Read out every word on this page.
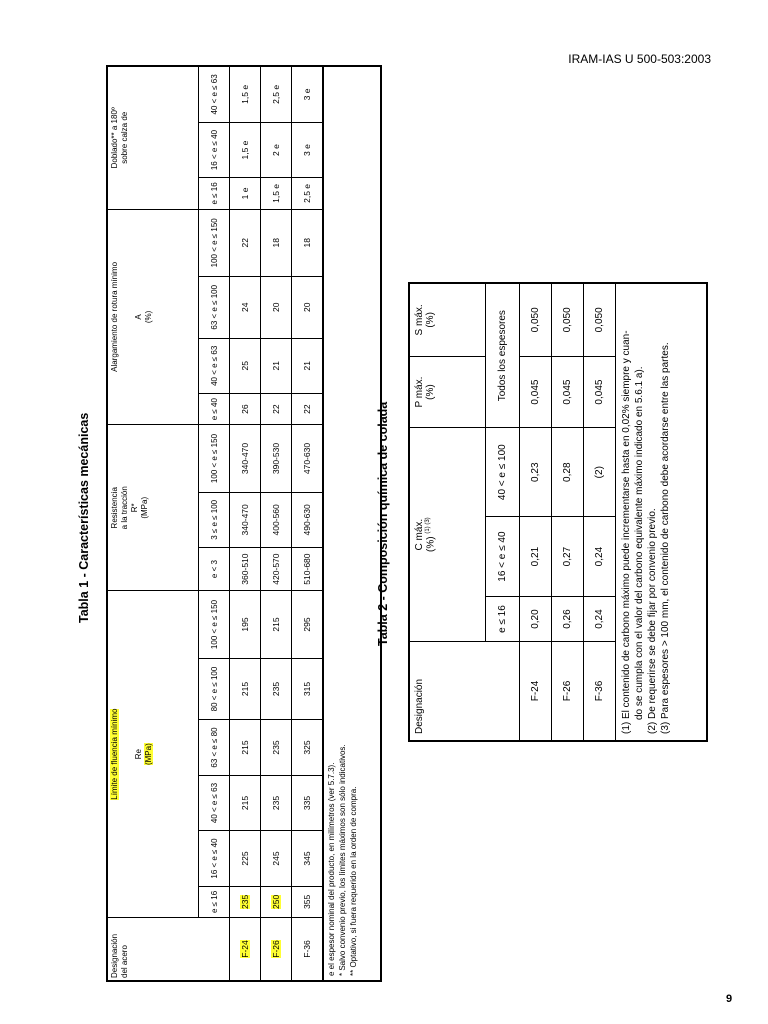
IRAM-IAS U 500-503:2003
Tabla 1 - Características mecánicas
Designación del acero	Límite de fluencia mínimo Re (MPa)						Resistencia a la tracción R* (MPa)			Alargamiento de rotura mínimo A (%)				Doblado** a 180º sobre calza de		

	e ≤ 16	16 < e ≤ 40	40 < e ≤ 63	63 < e ≤ 80	80 < e ≤ 100	100 < e ≤ 150	e < 3	3 ≤ e ≤ 100	100 < e ≤ 150	e ≤ 40	40 < e ≤ 63	63 < e ≤ 100	100 < e ≤ 150	e ≤ 16	16 < e ≤ 40	40 < e ≤ 63
F-24	235	225	215	215	215	195	360-510	340-470	340-470	26	25	24	22	1 e	1,5 e	1,5 e
F-26	250	245	235	235	235	215	420-570	400-560	390-530	22	21	20	18	1,5 e	2 e	2,5 e
F-36	355	345	335	325	315	295	510-680	490-630	470-630	22	21	20	18	2,5 e	3 e	3 e

e el espesor nominal del producto, en milímetros (ver 5.7.3). * Salvo convenio previo, los límites máximos son sólo indicativos. ** Optativo, si fuera requerido en la orden de compra.																
Tabla 2 - Composición química de colada
Designación	C máx. (%) $^{(1) (3)}$			P máx. (%)	S máx. (%)

	e ≤ 16	16 < e ≤ 40	40 < e ≤ 100	Todos los espesores	
F-24	0,20	0,21	0,23	0,045	0,050
F-26	0,26	0,27	0,28	0,045	0,050
F-36	0,24	0,24	(2)	0,045	0,050

(1) El contenido de carbono máximo puede incrementarse hasta en 0,02% siempre y cuan- do se cumpla con el valor del carbono equivalente máximo indicado en 5.6.1 a). (2) De requerirse se debe fijar por convenio previo. (3) Para espesores > 100 mm, el contenido de carbono debe acordarse entre las partes.					
9
